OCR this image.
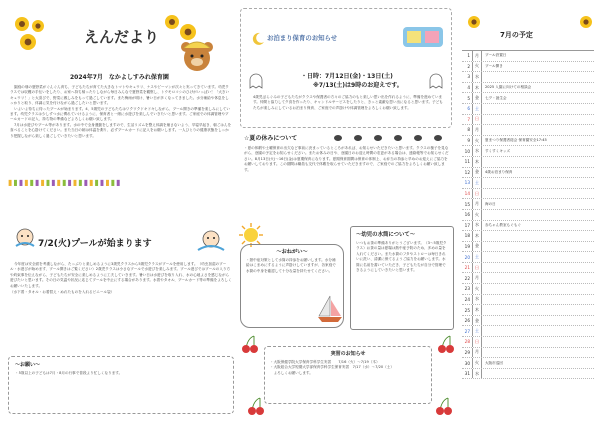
えんだより
2024年7月　なかよしすみれ保育園

園庭の畑の夏野菜がぐんぐん育ち、子どもたちが育てた大きなトマトやキュウリ、ナスやピーマンが次々と実ってきています。幼児クラスでは収穫の手伝いをしたり、お家へ持ち帰ったりしながら毎日みんなで夏野菜を観察し、トウモロコシのひげがいっぱい！「大きいキュウリ！」と大喜びで、野菜に親しみをもって過ごしています。また梅雨が明け、暑い日が多くなってきました。水分補給や休息をしっかりと取り、体調に気を付けながら過ごしたいと思います。

いよいよ待ちに待ったプールが始まります。4、5歳児の子どもたちはワクワクドキドキしながら、プール開きの準備を楽しみにしています。幼児クラスは少しずつ水に慣れていけるように、保育者と一緒に水遊びを楽しんでいきたいと思います。ご家庭での体調管理やプールカードの記入、持ち物の準備などよろしくお願い致します。

7月は水遊びやプール等があります。水の中で全身運動をしますので、生活リズムを整え体調を崩さないよう、早寝早起き、朝ごはんを食べることを心掛けてください。また当日の朝は体温を測り、必ずプールカードに記入をお願いします。一人ひとりの健康状態をしっかり把握しながら楽しく過ごしていきたいと思います。

▮▮▮▮▮▮▮▮▮▮▮▮▮▮▮▮▮▮▮▮▮
7/2(火)プールが始まります

今年度は安全面を考慮しながら、たっぷりと楽しめるように3歳児クラスから5歳児クラスがプールを使用します。（幼虫加湿のプール・水遊びが始めます、プール開きはご覧ください）2歳児クラスは小さなプールで水遊びを楽しみます。プール遊びではプールの入り方や約束事を伝えながら、子どもたちが安全に楽しめるように工夫していきます。暑い日は水遊びを取り入れ、水の心地よさを感じながら遊びたいと思います。その日の気温や状況に応じてプールを中止にする場合があります。水着やタオル、プールカード等の準備をよろしくお願いいたします。

（水下着・タオル・お着替え・ぬれたものを入れるビニール袋）

〜お願い〜

・5歳以上の子どもは7月・8月の行事で普段より忙しくなります。

お泊まり保育のお知らせ
・日時：7月12日(金)・13日(土)
※7/13(土)は9時のお迎えです。

4歳児ばらぐみの子どもたちがクラスや保護者の方々のご協力のもと楽しい思い出を作れるように、準備を進めています。仲間と協力して夕食を作ったり、キャンドルサービスをしたりと、きっと素敵な思い出になると思います。子どもたちが楽しみにしているお泊まり保育、ご家庭での声掛けや体調管理をよろしくお願い致します。

☆夏の休みについて

・夏の休暇や土曜保育の出欠など事前に決まっているところがあれば、お知らせいただきたいと思います。クラスの様子を見ながら、登園の予定をお知らせください。またお休みの日や、登園日のお迎え時間の変更がある場合は、連絡帳等でお知らせください。8月13日(火)〜16日(金)は夏期保育になります。夏期保育期間は保育の体制上、お弁当の持参と早めのお迎えにご協力をお願いしております。この期間は職員も交代で休暇を取らせていただきますので、ご家庭でのご協力をよろしくお願い致します。

〜おねがい〜

・熱中症対策として水筒の持参をお願いします。水分補給はこまめにするように声掛けしていますが、各家庭で水筒の中身を確認して十分な量を持たせてください。

〜幼児の水筒について〜

いつもお茶の準備ありがとうございます。（3〜5歳児クラス）お茶の量は夏場は熱中症予防のため、多めの量を入れてください。また水筒のフタやストローは毎日きれいに洗い、清潔に保てるようご協力をお願いします。水筒に名前を書いていただき、子どもたちが自分で管理できるようにしていきたいと思います。

実習のお知らせ

・大阪保健学院大学保育学科学生実習　　7/16（火）〜7/19（木）

・大阪総合大学短期大学部保育学科学生保育実習　7/17（水）〜7/20（土）

　よろしくお願いします。

7月の予定
1	月	プール設置日
2	火	プール開き
3	水
4	木	2025 入園に向けての相談会
5	金	七夕・誕生会
6	土
7	日
8	月
9	火	夏まつり保護者総会 保育園安全17:45
10	水	すくすくキッズ
11	木
12	金	4歳お泊まり保育
13	土
14	日
15	月	海の日
16	火
17	水	赤ちゃん教室もぐもぐ
18	木
19	金
20	土
21	日
22	月
23	火
24	水
25	木
26	金
27	土
28	日
29	月
30	火	大阪市巡回
31	水
